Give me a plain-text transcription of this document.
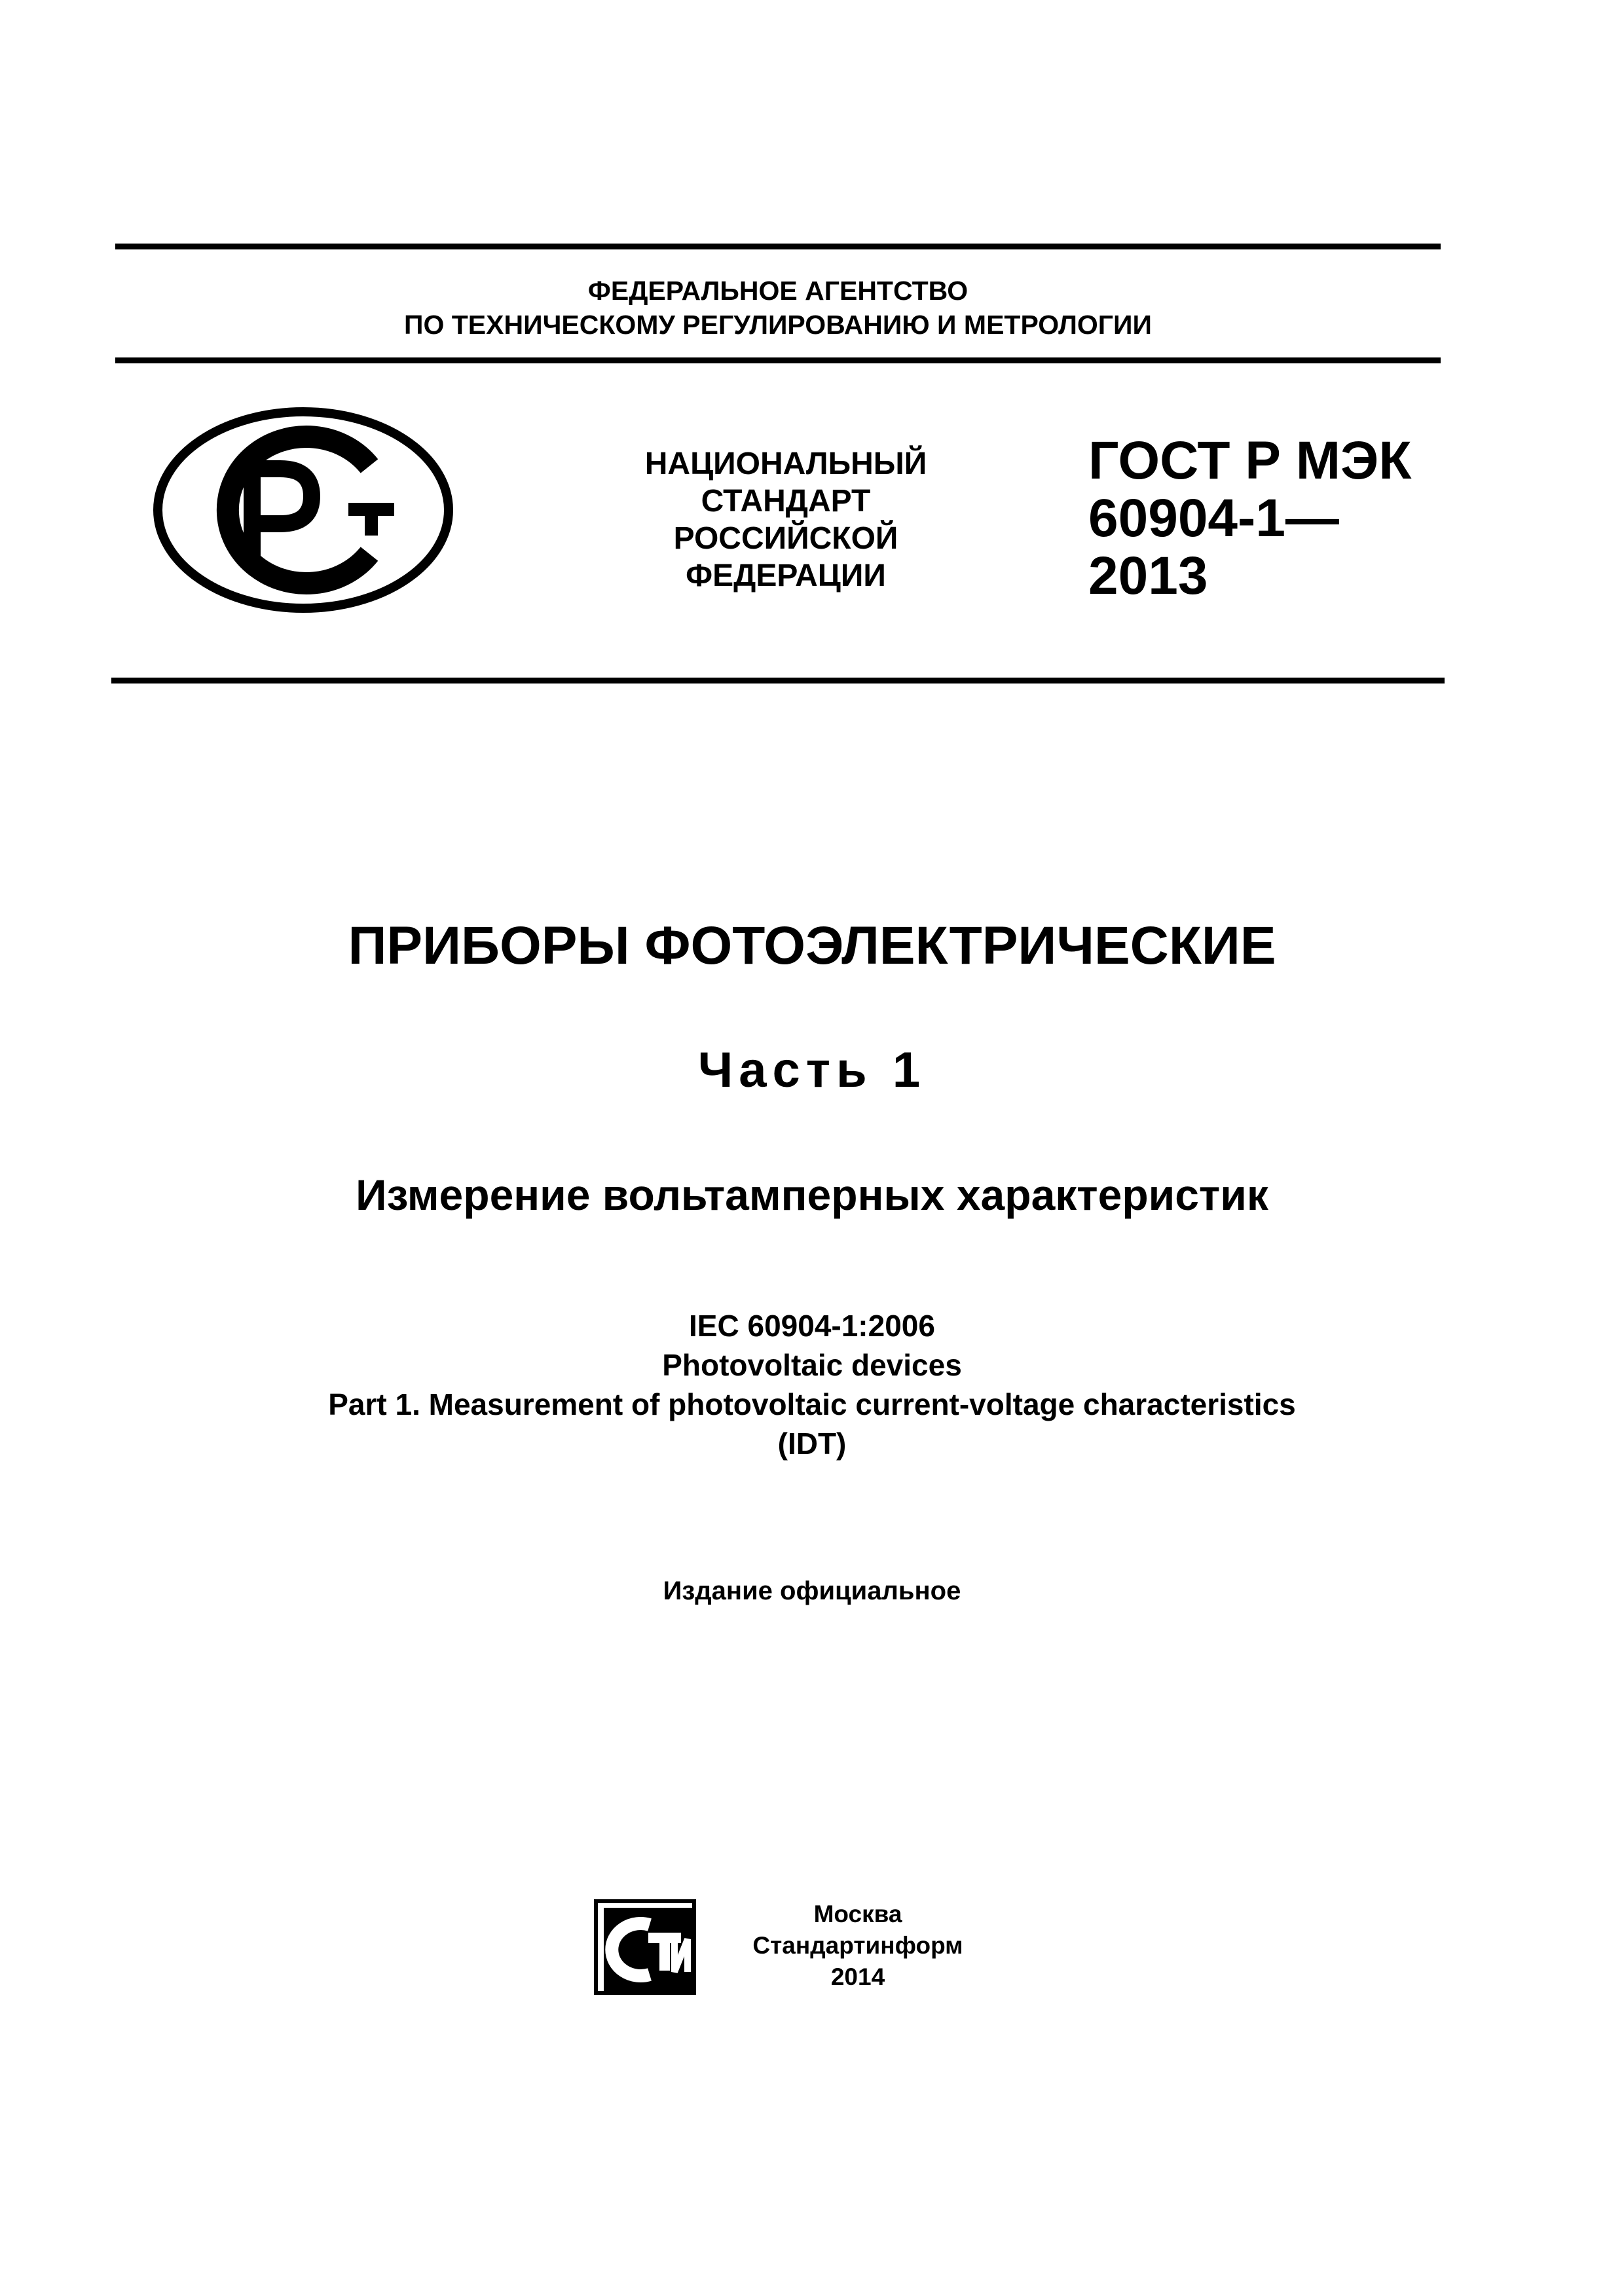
ФЕДЕРАЛЬНОЕ АГЕНТСТВО
ПО ТЕХНИЧЕСКОМУ РЕГУЛИРОВАНИЮ И МЕТРОЛОГИИ
НАЦИОНАЛЬНЫЙ
СТАНДАРТ
РОССИЙСКОЙ
ФЕДЕРАЦИИ
ГОСТ Р МЭК
60904-1—
2013
ПРИБОРЫ ФОТОЭЛЕКТРИЧЕСКИЕ
Часть 1
Измерение вольтамперных характеристик
IEC 60904-1:2006
Photovoltaic devices
Part 1. Measurement of photovoltaic current-voltage characteristics
(IDT)
Издание официальное
Москва
Стандартинформ
2014
